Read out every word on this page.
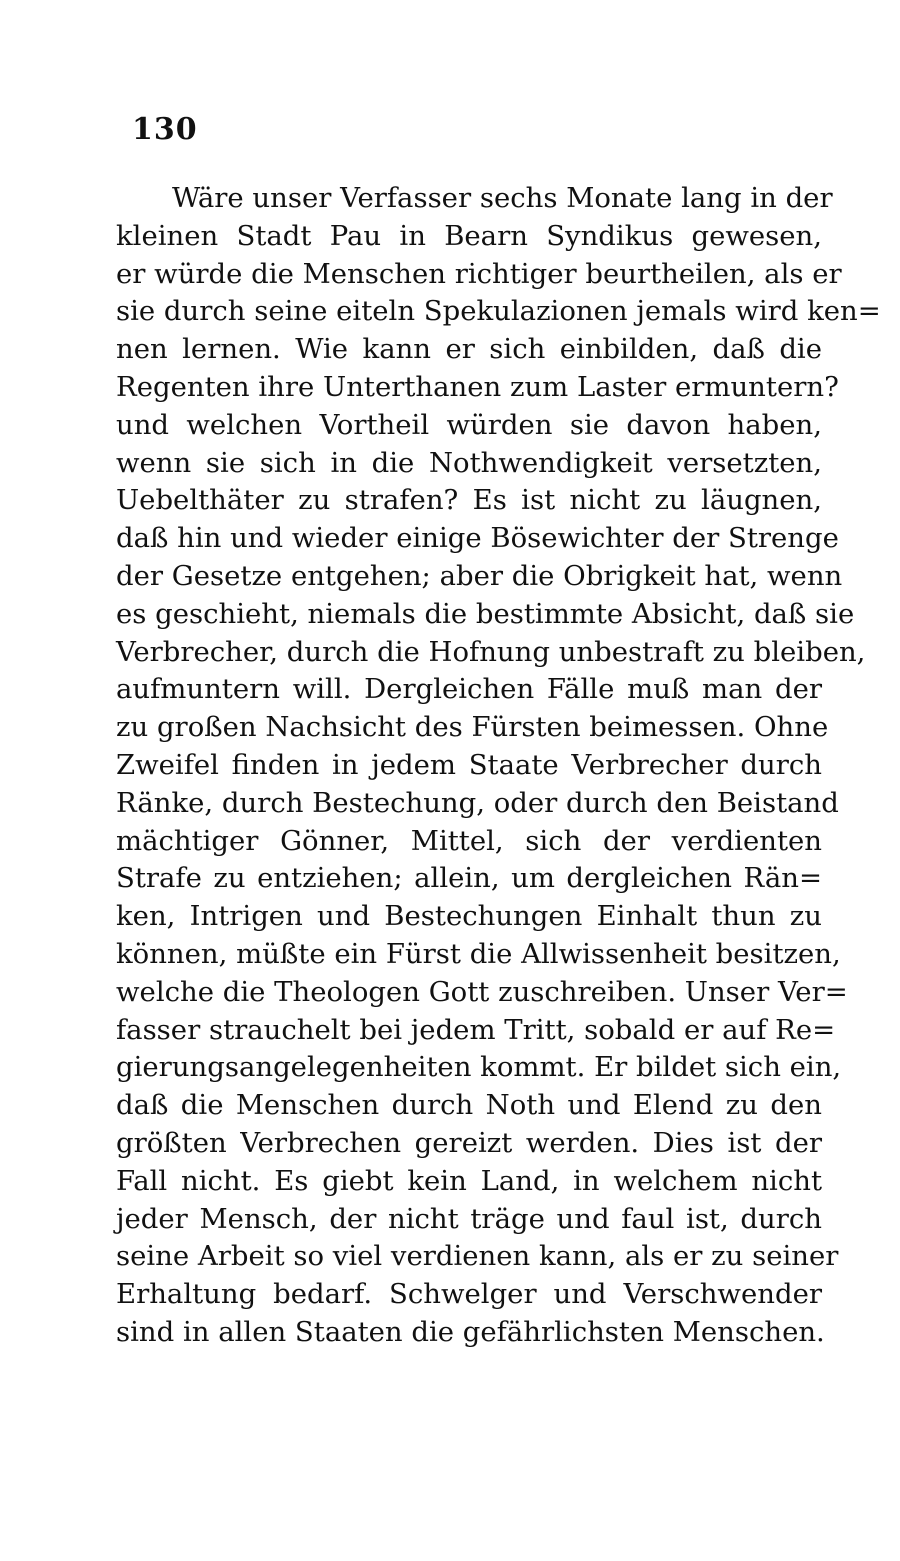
130
Wäre unser Verfasser sechs Monate lang in der
kleinen Stadt Pau in Bearn Syndikus gewesen,
er würde die Menschen richtiger beurtheilen, als er
sie durch seine eiteln Spekulazionen jemals wird ken=
nen lernen. Wie kann er sich einbilden, daß die
Regenten ihre Unterthanen zum Laster ermuntern?
und welchen Vortheil würden sie davon haben,
wenn sie sich in die Nothwendigkeit versetzten,
Uebelthäter zu strafen? Es ist nicht zu läugnen,
daß hin und wieder einige Bösewichter der Strenge
der Gesetze entgehen; aber die Obrigkeit hat, wenn
es geschieht, niemals die bestimmte Absicht, daß sie
Verbrecher, durch die Hofnung unbestraft zu bleiben,
aufmuntern will. Dergleichen Fälle muß man der
zu großen Nachsicht des Fürsten beimessen. Ohne
Zweifel finden in jedem Staate Verbrecher durch
Ränke, durch Bestechung, oder durch den Beistand
mächtiger Gönner, Mittel, sich der verdienten
Strafe zu entziehen; allein, um dergleichen Rän=
ken, Intrigen und Bestechungen Einhalt thun zu
können, müßte ein Fürst die Allwissenheit besitzen,
welche die Theologen Gott zuschreiben. Unser Ver=
fasser strauchelt bei jedem Tritt, sobald er auf Re=
gierungsangelegenheiten kommt. Er bildet sich ein,
daß die Menschen durch Noth und Elend zu den
größten Verbrechen gereizt werden. Dies ist der
Fall nicht. Es giebt kein Land, in welchem nicht
jeder Mensch, der nicht träge und faul ist, durch
seine Arbeit so viel verdienen kann, als er zu seiner
Erhaltung bedarf. Schwelger und Verschwender
sind in allen Staaten die gefährlichsten Menschen.
